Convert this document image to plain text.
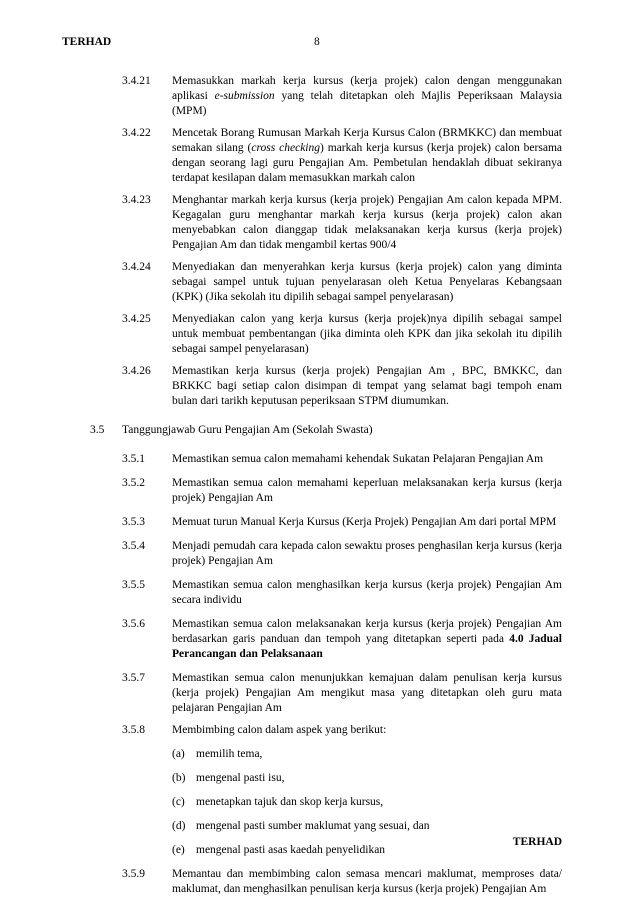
TERHAD	8
3.4.21 Memasukkan markah kerja kursus (kerja projek) calon dengan menggunakan aplikasi e-submission yang telah ditetapkan oleh Majlis Peperiksaan Malaysia (MPM)
3.4.22 Mencetak Borang Rumusan Markah Kerja Kursus Calon (BRMKKC) dan membuat semakan silang (cross checking) markah kerja kursus (kerja projek) calon bersama dengan seorang lagi guru Pengajian Am. Pembetulan hendaklah dibuat sekiranya terdapat kesilapan dalam memasukkan markah calon
3.4.23 Menghantar markah kerja kursus (kerja projek) Pengajian Am calon kepada MPM. Kegagalan guru menghantar markah kerja kursus (kerja projek) calon akan menyebabkan calon dianggap tidak melaksanakan kerja kursus (kerja projek) Pengajian Am dan tidak mengambil kertas 900/4
3.4.24 Menyediakan dan menyerahkan kerja kursus (kerja projek) calon yang diminta sebagai sampel untuk tujuan penyelarasan oleh Ketua Penyelaras Kebangsaan (KPK) (Jika sekolah itu dipilih sebagai sampel penyelarasan)
3.4.25 Menyediakan calon yang kerja kursus (kerja projek)nya dipilih sebagai sampel untuk membuat pembentangan (jika diminta oleh KPK dan jika sekolah itu dipilih sebagai sampel penyelarasan)
3.4.26 Memastikan kerja kursus (kerja projek) Pengajian Am , BPC, BMKKC, dan BRKKC bagi setiap calon disimpan di tempat yang selamat bagi tempoh enam bulan dari tarikh keputusan peperiksaan STPM diumumkan.
3.5 Tanggungjawab Guru Pengajian Am (Sekolah Swasta)
3.5.1 Memastikan semua calon memahami kehendak Sukatan Pelajaran Pengajian Am
3.5.2 Memastikan semua calon memahami keperluan melaksanakan kerja kursus (kerja projek) Pengajian Am
3.5.3 Memuat turun Manual Kerja Kursus (Kerja Projek) Pengajian Am dari portal MPM
3.5.4 Menjadi pemudah cara kepada calon sewaktu proses penghasilan kerja kursus (kerja projek) Pengajian Am
3.5.5 Memastikan semua calon menghasilkan kerja kursus (kerja projek) Pengajian Am secara individu
3.5.6 Memastikan semua calon melaksanakan kerja kursus (kerja projek) Pengajian Am berdasarkan garis panduan dan tempoh yang ditetapkan seperti pada 4.0 Jadual Perancangan dan Pelaksanaan
3.5.7 Memastikan semua calon menunjukkan kemajuan dalam penulisan kerja kursus (kerja projek) Pengajian Am mengikut masa yang ditetapkan oleh guru mata pelajaran Pengajian Am
3.5.8 Membimbing calon dalam aspek yang berikut:
(a) memilih tema,
(b) mengenal pasti isu,
(c) menetapkan tajuk dan skop kerja kursus,
(d) mengenal pasti sumber maklumat yang sesuai, dan
(e) mengenal pasti asas kaedah penyelidikan
3.5.9 Memantau dan membimbing calon semasa mencari maklumat, memproses data/ maklumat, dan menghasilkan penulisan kerja kursus (kerja projek) Pengajian Am
TERHAD
